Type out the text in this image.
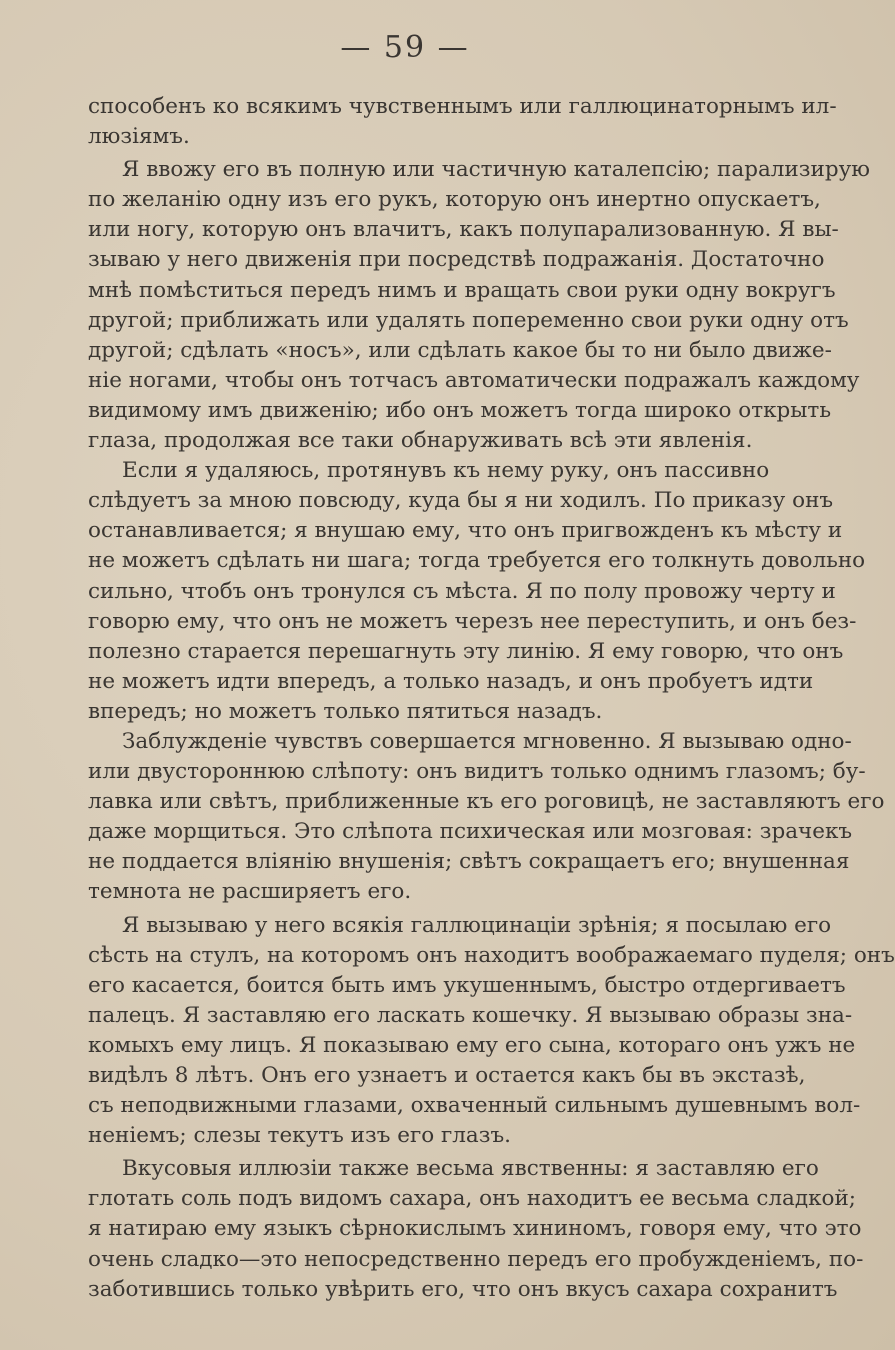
— 59 —
способенъ ко всякимъ чувственнымъ или галлюцинаторнымъ ил-
люзіямъ.
Я ввожу его въ полную или частичную каталепсію; парализирую
по желанію одну изъ его рукъ, которую онъ инертно опускаетъ,
или ногу, которую онъ влачитъ, какъ полупарализованную. Я вы-
зываю у него движенія при посредствѣ подражанія. Достаточно
мнѣ помѣститься передъ нимъ и вращать свои руки одну вокругъ
другой; приближать или удалять попеременно свои руки одну отъ
другой; сдѣлать «носъ», или сдѣлать какое бы то ни было движе-
ніе ногами, чтобы онъ тотчасъ автоматически подражалъ каждому
видимому имъ движенію; ибо онъ можетъ тогда широко открыть
глаза, продолжая все таки обнаруживать всѣ эти явленія.
Если я удаляюсь, протянувъ къ нему руку, онъ пассивно
слѣдуетъ за мною повсюду, куда бы я ни ходилъ. По приказу онъ
останавливается; я внушаю ему, что онъ пригвожденъ къ мѣсту и
не можетъ сдѣлать ни шага; тогда требуется его толкнуть довольно
сильно, чтобъ онъ тронулся съ мѣста. Я по полу провожу черту и
говорю ему, что онъ не можетъ черезъ нее переступить, и онъ без-
полезно старается перешагнуть эту линію. Я ему говорю, что онъ
не можетъ идти впередъ, а только назадъ, и онъ пробуетъ идти
впередъ; но можетъ только пятиться назадъ.
Заблужденіе чувствъ совершается мгновенно. Я вызываю одно-
или двустороннюю слѣпоту: онъ видитъ только однимъ глазомъ; бу-
лавка или свѣтъ, приближенные къ его роговицѣ, не заставляютъ его
даже морщиться. Это слѣпота психическая или мозговая: зрачекъ
не поддается вліянію внушенія; свѣтъ сокращаетъ его; внушенная
темнота не расширяетъ его.
Я вызываю у него всякія галлюцинаціи зрѣнія; я посылаю его
сѣсть на стулъ, на которомъ онъ находитъ воображаемаго пуделя; онъ
его касается, боится быть имъ укушеннымъ, быстро отдергиваетъ
палецъ. Я заставляю его ласкать кошечку. Я вызываю образы зна-
комыхъ ему лицъ. Я показываю ему его сына, котораго онъ ужъ не
видѣлъ 8 лѣтъ. Онъ его узнаетъ и остается какъ бы въ экстазѣ,
съ неподвижными глазами, охваченный сильнымъ душевнымъ вол-
неніемъ; слезы текутъ изъ его глазъ.
Вкусовыя иллюзіи также весьма явственны: я заставляю его
глотать соль подъ видомъ сахара, онъ находитъ ее весьма сладкой;
я натираю ему языкъ сѣрнокислымъ хининомъ, говоря ему, что это
очень сладко—это непосредственно передъ его пробужденіемъ, по-
заботившись только увѣрить его, что онъ вкусъ сахара сохранитъ
